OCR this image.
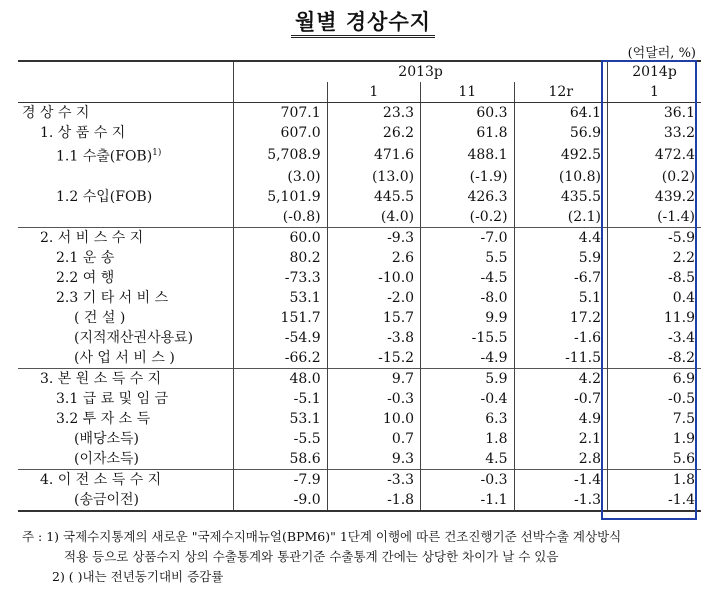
월별 경상수지
(억달러, %)
	2013p				2014p
		1	11	12r	1
경 상 수 지	707.1	23.3	60.3	64.1	36.1
1. 상 품 수 지	607.0	26.2	61.8	56.9	33.2
1.1 수출(FOB)$^{1)}$	5,708.9	471.6	488.1	492.5	472.4
	(3.0)	(13.0)	(-1.9)	(10.8)	(0.2)
1.2 수입(FOB)	5,101.9	445.5	426.3	435.5	439.2
	(-0.8)	(4.0)	(-0.2)	(2.1)	(-1.4)
2. 서 비 스 수 지	60.0	-9.3	-7.0	4.4	-5.9
2.1 운 송	80.2	2.6	5.5	5.9	2.2
2.2 여 행	-73.3	-10.0	-4.5	-6.7	-8.5
2.3 기 타 서 비 스	53.1	-2.0	-8.0	5.1	0.4
( 건 설 )	151.7	15.7	9.9	17.2	11.9
(지적재산권사용료)	-54.9	-3.8	-15.5	-1.6	-3.4
(사 업 서 비 스 )	-66.2	-15.2	-4.9	-11.5	-8.2
3. 본 원 소 득 수 지	48.0	9.7	5.9	4.2	6.9
3.1 급 료 및 임 금	-5.1	-0.3	-0.4	-0.7	-0.5
3.2 투 자 소 득	53.1	10.0	6.3	4.9	7.5
(배당소득)	-5.5	0.7	1.8	2.1	1.9
(이자소득)	58.6	9.3	4.5	2.8	5.6
4. 이 전 소 득 수 지	-7.9	-3.3	-0.3	-1.4	1.8
(송금이전)	-9.0	-1.8	-1.1	-1.3	-1.4
주 : 1) 국제수지통계의 새로운 "국제수지매뉴얼(BPM6)" 1단계 이행에 따른 건조진행기준 선박수출 계상방식
적용 등으로 상품수지 상의 수출통계와 통관기준 수출통계 간에는 상당한 차이가 날 수 있음
2) ( )내는 전년동기대비 증감률
